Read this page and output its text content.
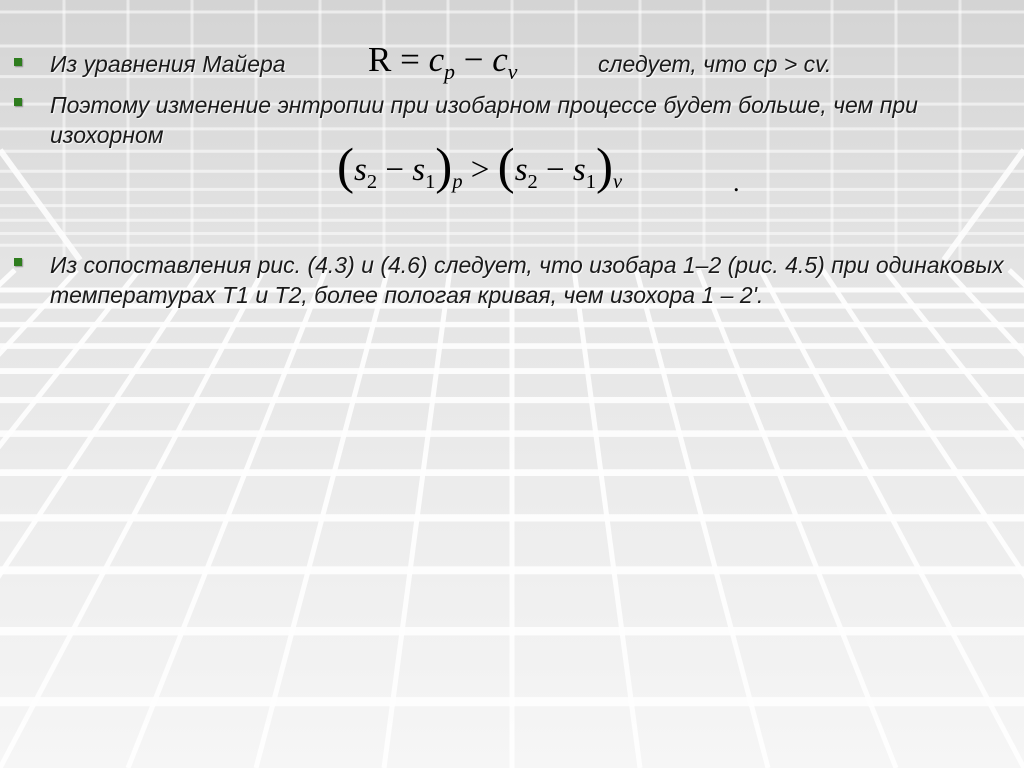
Из уравнения Майера $R = c_p - c_v$	следует, что cp > cv.

Поэтому изменение энтропии при изобарном процессе будет больше, чем при изохорном

$(s_2 - s_1)_p > (s_2 - s_1)_v$	.

Из сопоставления рис. (4.3) и (4.6) следует, что изобара 1–2 (рис. 4.5) при одинаковых температурах Т1 и Т2, более пологая кривая, чем изохора 1 – 2'.
